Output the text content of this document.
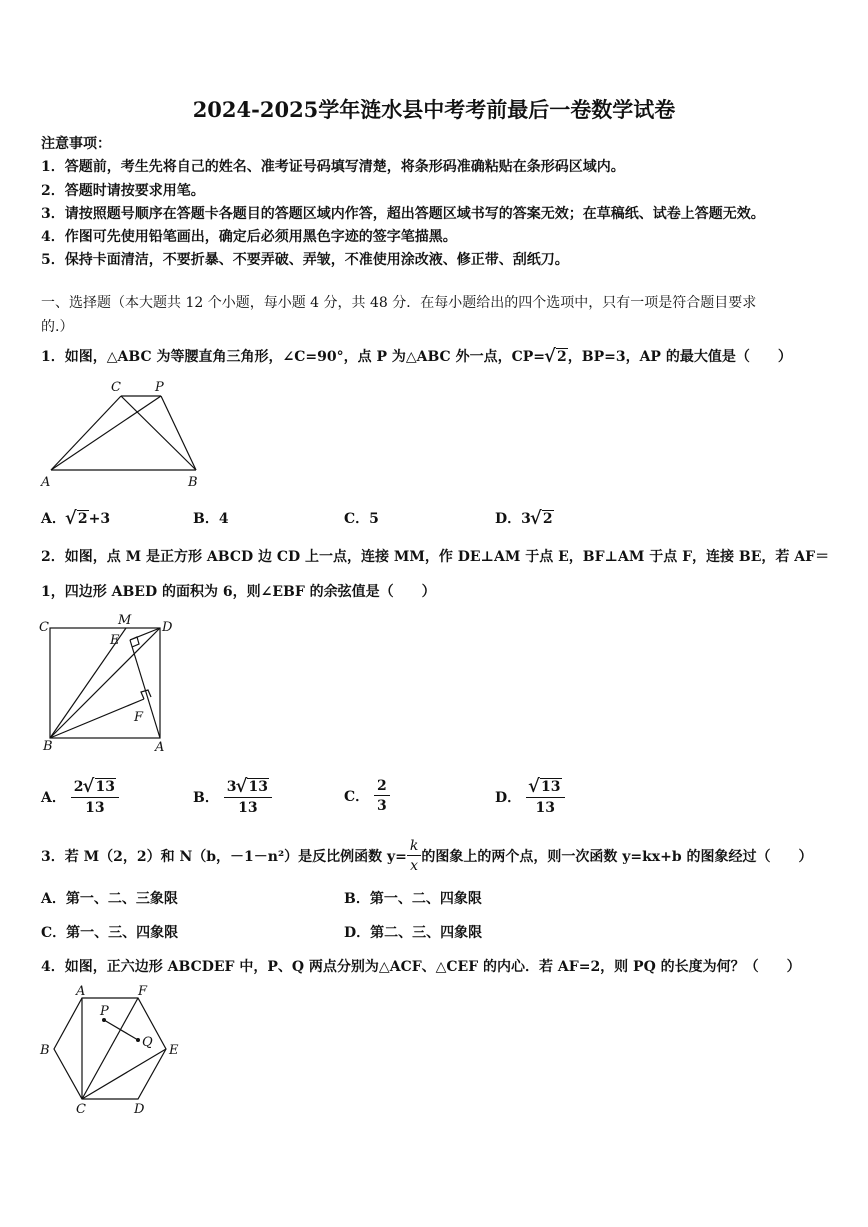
2024-2025学年涟水县中考考前最后一卷数学试卷
注意事项：
1．答题前，考生先将自己的姓名、准考证号码填写清楚，将条形码准确粘贴在条形码区域内。
2．答题时请按要求用笔。
3．请按照题号顺序在答题卡各题目的答题区域内作答，超出答题区域书写的答案无效；在草稿纸、试卷上答题无效。
4．作图可先使用铅笔画出，确定后必须用黑色字迹的签字笔描黑。
5．保持卡面清洁，不要折暴、不要弄破、弄皱，不准使用涂改液、修正带、刮纸刀。
一、选择题（本大题共 12 个小题，每小题 4 分，共 48 分．在每小题给出的四个选项中，只有一项是符合题目要求
的.）
1．如图，△ABC 为等腰直角三角形，∠C=90°，点 P 为△ABC 外一点，CP= √ 2，BP=3，AP 的最大值是（　　）
C	P
A	B
A． √ 2+3	B．4	C．5	D．3 √ 2
2．如图，点 M 是正方形 ABCD 边 CD 上一点，连接 MM，作 DE⊥AM 于点 E，BF⊥AM 于点 F，连接 BE，若 AF＝
1，四边形 ABED 的面积为 6，则∠EBF 的余弦值是（　　）
C	M
E
D
F
B	A
A． $\frac{2 √ 13}{13}$	B． $\frac{3 √ 13}{13}$	C． $\frac{2}{3}$	D． √ $\frac{13}{13}$
3．若 M（2，2）和 N（b，－1－n²）是反比例函数 $y= \frac{k}{x}$ 的图象上的两个点，则一次函数 y=kx+b 的图象经过（　　）
A．第一、二、三象限	B．第一、二、四象限
C．第一、三、四象限	D．第二、三、四象限
4．如图，正六边形 ABCDEF 中，P、Q 两点分别为△ACF、△CEF 的内心．若 AF=2，则 PQ 的长度为何？（　　）
A	F
P
Q
B	E
C	D
